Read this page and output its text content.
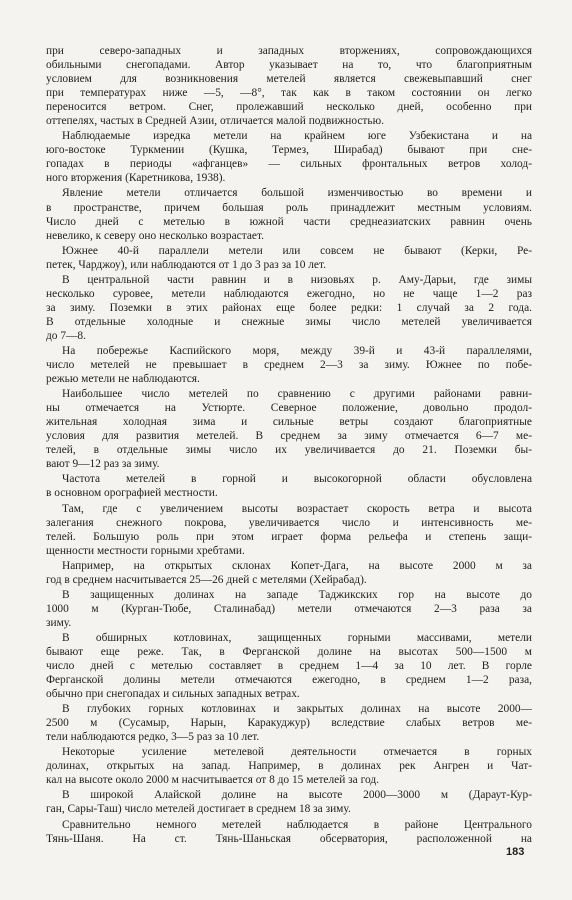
при северо-западных и западных вторжениях, сопровождающихся
обильными снегопадами. Автор указывает на то, что благоприятным
условием для возникновения метелей является свежевыпавший снег
при температурах ниже —5, —8°, так как в таком состоянии он легко
переносится ветром. Снег, пролежавший несколько дней, особенно при
оттепелях, частых в Средней Азии, отличается малой подвижностью.
Наблюдаемые изредка метели на крайнем юге Узбекистана и на
юго-востоке Туркмении (Кушка, Термез, Ширабад) бывают при сне-
гопадах в периоды «афганцев» — сильных фронтальных ветров холод-
ного вторжения (Каретникова, 1938).
Явление метели отличается большой изменчивостью во времени и
в пространстве, причем большая роль принадлежит местным условиям.
Число дней с метелью в южной части среднеазиатских равнин очень
невелико, к северу оно несколько возрастает.
Южнее 40-й параллели метели или совсем не бывают (Керки, Ре-
петек, Чарджоу), или наблюдаются от 1 до 3 раз за 10 лет.
В центральной части равнин и в низовьях р. Аму-Дарьи, где зимы
несколько суровее, метели наблюдаются ежегодно, но не чаще 1—2 раз
за зиму. Поземки в этих районах еще более редки: 1 случай за 2 года.
В отдельные холодные и снежные зимы число метелей увеличивается
до 7—8.
На побережье Каспийского моря, между 39-й и 43-й параллелями,
число метелей не превышает в среднем 2—3 за зиму. Южнее по побе-
режью метели не наблюдаются.
Наибольшее число метелей по сравнению с другими районами равни-
ны отмечается на Устюрте. Северное положение, довольно продол-
жительная холодная зима и сильные ветры создают благоприятные
условия для развития метелей. В среднем за зиму отмечается 6—7 ме-
телей, в отдельные зимы число их увеличивается до 21. Поземки бы-
вают 9—12 раз за зиму.
Частота метелей в горной и высокогорной области обусловлена
в основном орографией местности.
Там, где с увеличением высоты возрастает скорость ветра и высота
залегания снежного покрова, увеличивается число и интенсивность ме-
телей. Большую роль при этом играет форма рельефа и степень защи-
щенности местности горными хребтами.
Например, на открытых склонах Копет-Дага, на высоте 2000 м за
год в среднем насчитывается 25—26 дней с метелями (Хейрабад).
В защищенных долинах на западе Таджикских гор на высоте до
1000 м (Курган-Тюбе, Сталинабад) метели отмечаются 2—3 раза за
зиму.
В обширных котловинах, защищенных горными массивами, метели
бывают еще реже. Так, в Ферганской долине на высотах 500—1500 м
число дней с метелью составляет в среднем 1—4 за 10 лет. В горле
Ферганской долины метели отмечаются ежегодно, в среднем 1—2 раза,
обычно при снегопадах и сильных западных ветрах.
В глубоких горных котловинах и закрытых долинах на высоте 2000—
2500 м (Сусамыр, Нарын, Каракуджур) вследствие слабых ветров ме-
тели наблюдаются редко, 3—5 раз за 10 лет.
Некоторые усиление метелевой деятельности отмечается в горных
долинах, открытых на запад. Например, в долинах рек Ангрен и Чат-
кал на высоте около 2000 м насчитывается от 8 до 15 метелей за год.
В широкой Алайской долине на высоте 2000—3000 м (Дараут-Кур-
ган, Сары-Таш) число метелей достигает в среднем 18 за зиму.
Сравнительно немного метелей наблюдается в районе Центрального
Тянь-Шаня. На ст. Тянь-Шаньская обсерватория, расположенной на
183
